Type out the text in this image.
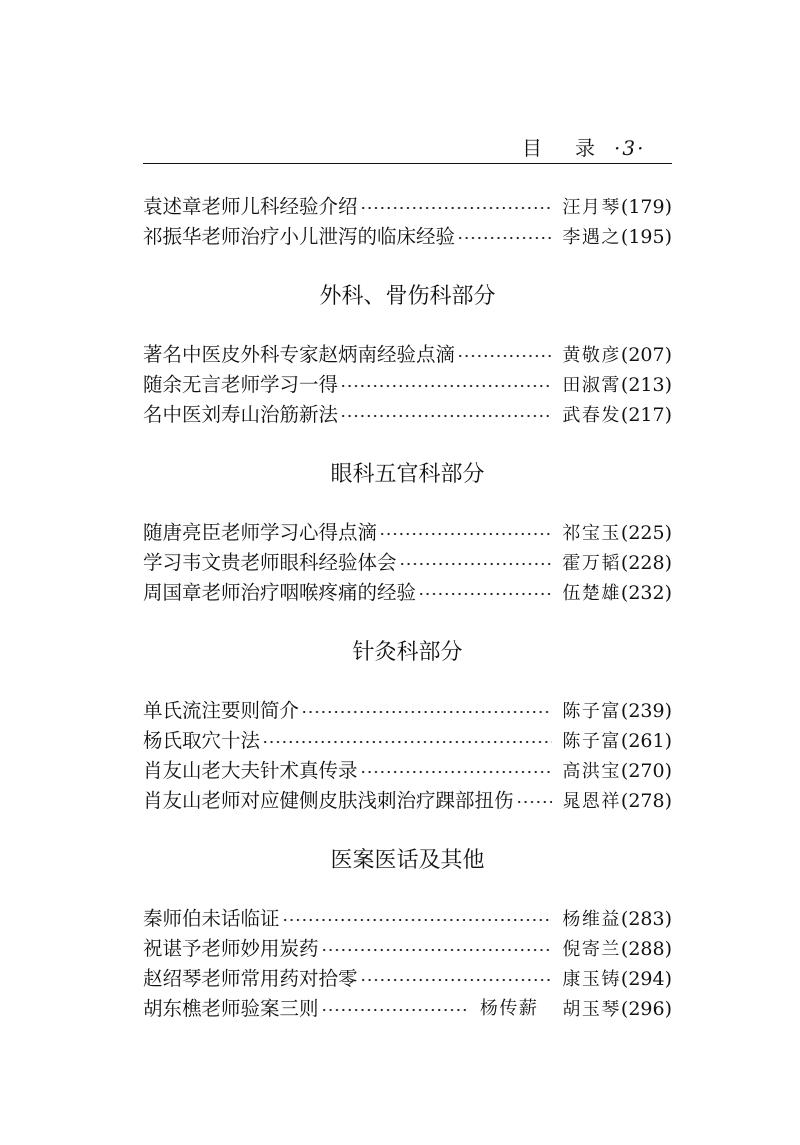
目 录 ·3·
袁述章老师儿科经验介绍	汪月琴(179)
祁振华老师治疗小儿泄泻的临床经验	李遇之(195)
外科、骨伤科部分
著名中医皮外科专家赵炳南经验点滴	黄敬彦(207)
随余无言老师学习一得	田淑霄(213)
名中医刘寿山治筋新法	武春发(217)
眼科五官科部分
随唐亮臣老师学习心得点滴	祁宝玉(225)
学习韦文贵老师眼科经验体会	霍万韬(228)
周国章老师治疗咽喉疼痛的经验	伍楚雄(232)
针灸科部分
单氏流注要则简介	陈子富(239)
杨氏取穴十法	陈子富(261)
肖友山老大夫针术真传录	高洪宝(270)
肖友山老师对应健侧皮肤浅刺治疗踝部扭伤	晁恩祥(278)
医案医话及其他
秦师伯未话临证	杨维益(283)
祝谌予老师妙用炭药	倪寄兰(288)
赵绍琴老师常用药对拾零	康玉铸(294)
胡东樵老师验案三则	杨传薪 胡玉琴(296)
